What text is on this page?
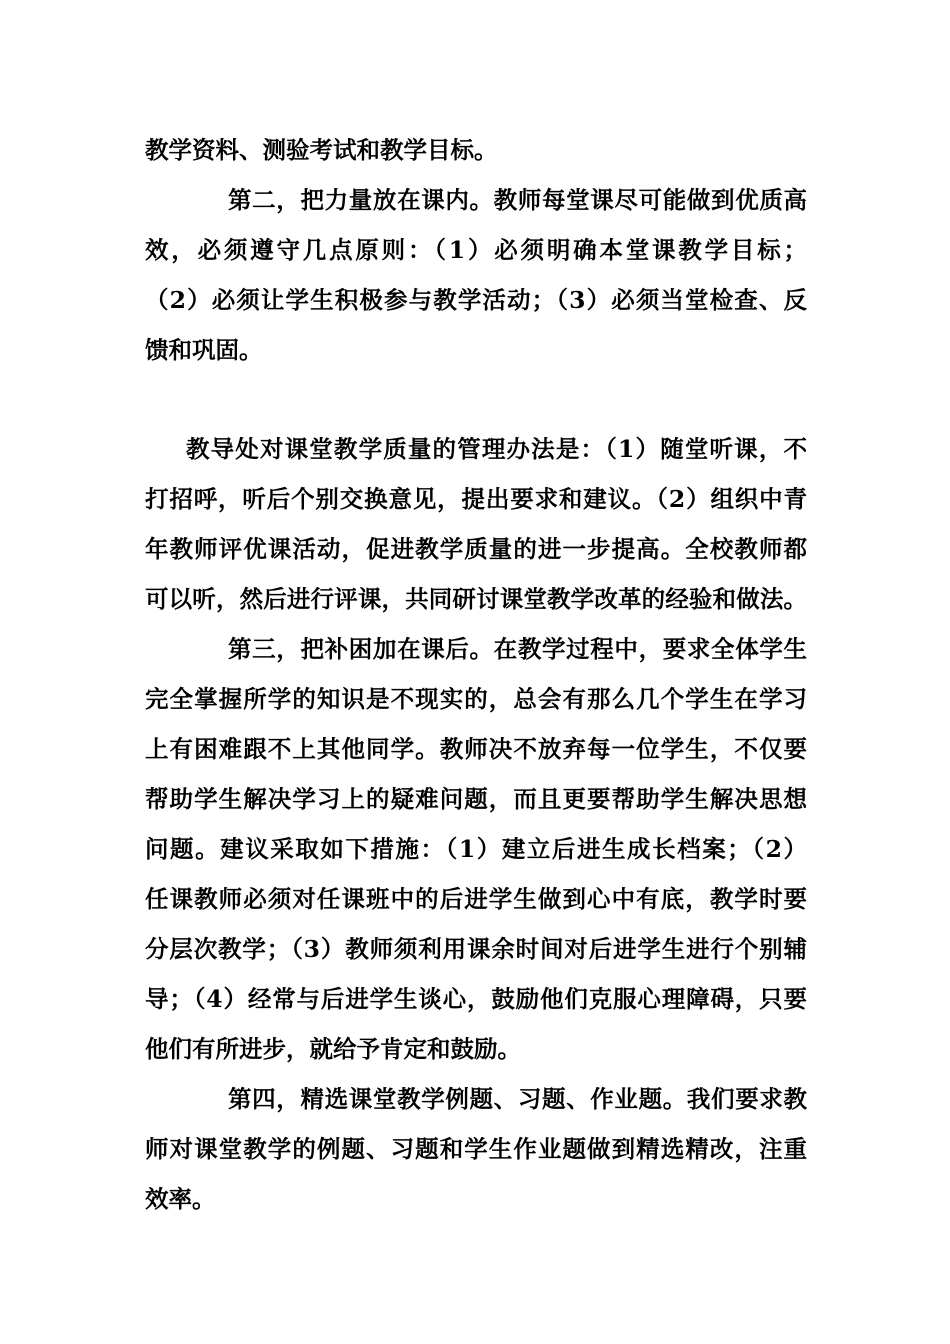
教学资料、测验考试和教学目标。
第二，把力量放在课内。教师每堂课尽可能做到优质高
效，必须遵守几点原则：（1）必须明确本堂课教学目标；
（2）必须让学生积极参与教学活动；（3）必须当堂检查、反
馈和巩固。
教导处对课堂教学质量的管理办法是：（1）随堂听课，不
打招呼，听后个别交换意见，提出要求和建议。（2）组织中青
年教师评优课活动，促进教学质量的进一步提高。全校教师都
可以听，然后进行评课，共同研讨课堂教学改革的经验和做法。
第三，把补困加在课后。在教学过程中，要求全体学生
完全掌握所学的知识是不现实的，总会有那么几个学生在学习
上有困难跟不上其他同学。教师决不放弃每一位学生，不仅要
帮助学生解决学习上的疑难问题，而且更要帮助学生解决思想
问题。建议采取如下措施：（1）建立后进生成长档案；（2）
任课教师必须对任课班中的后进学生做到心中有底，教学时要
分层次教学；（3）教师须利用课余时间对后进学生进行个别辅
导；（4）经常与后进学生谈心，鼓励他们克服心理障碍，只要
他们有所进步，就给予肯定和鼓励。
第四，精选课堂教学例题、习题、作业题。我们要求教
师对课堂教学的例题、习题和学生作业题做到精选精改，注重
效率。
